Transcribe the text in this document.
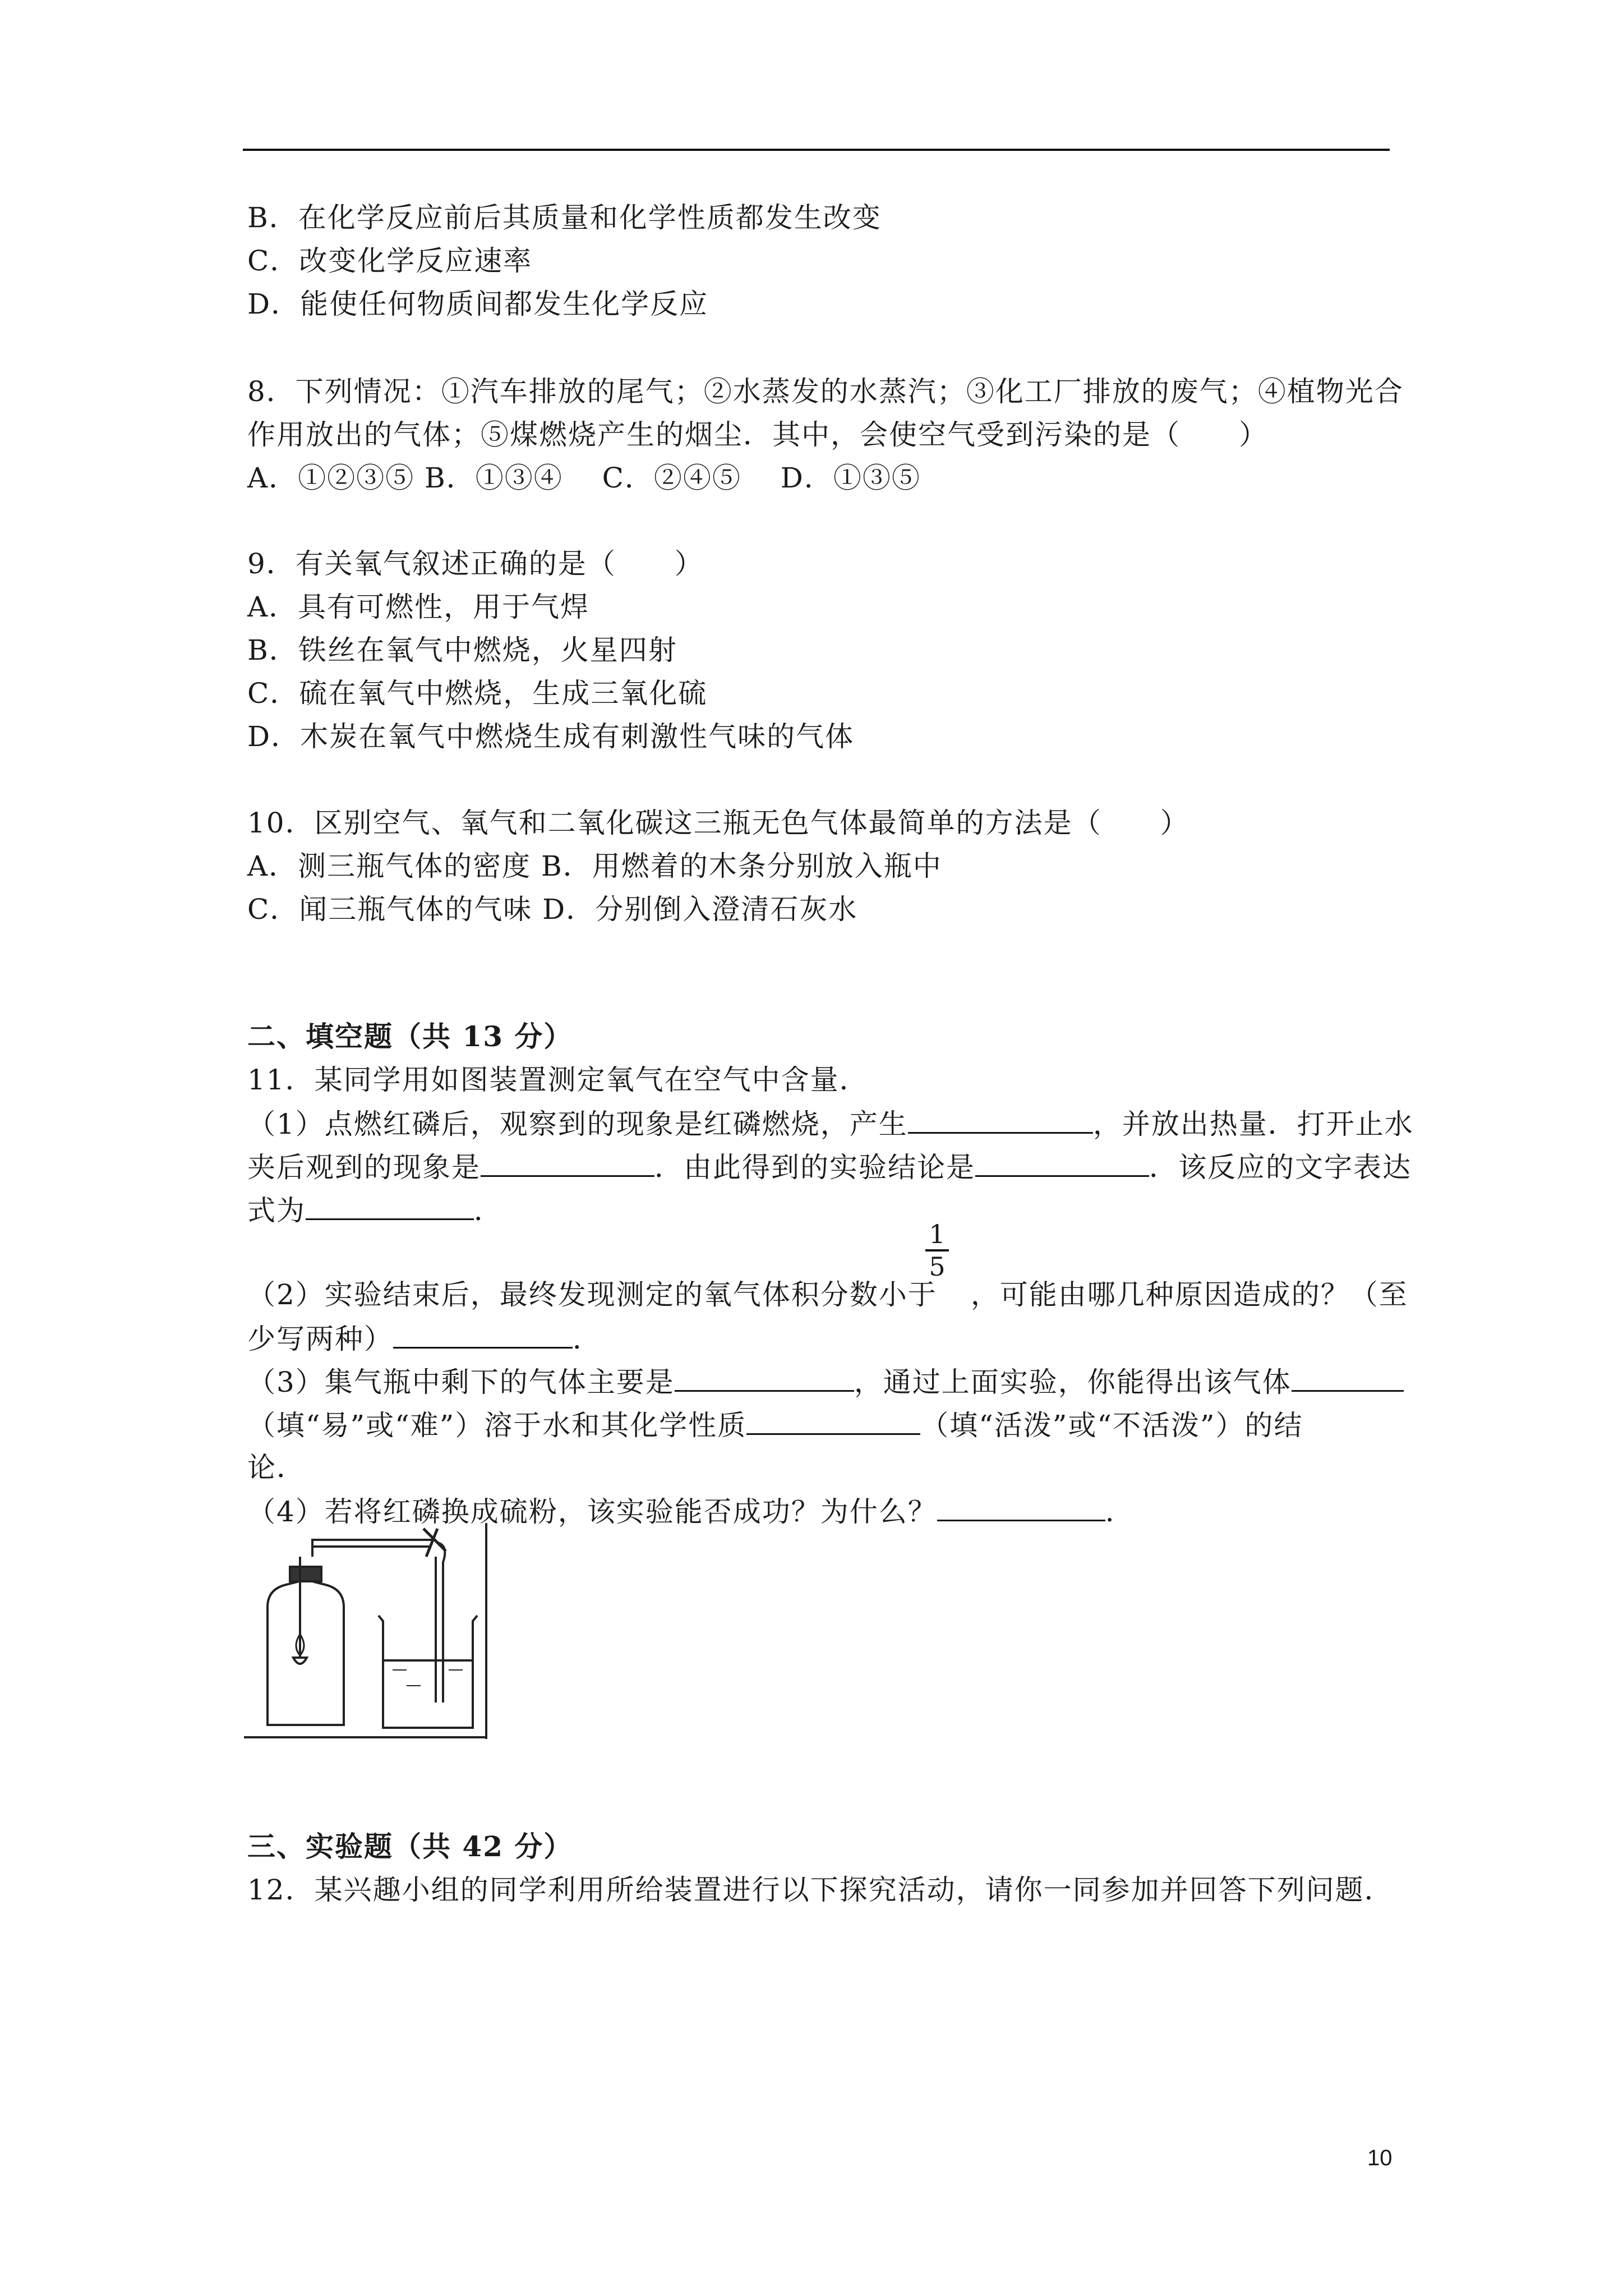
B．在化学反应前后其质量和化学性质都发生改变
C．改变化学反应速率
D．能使任何物质间都发生化学反应
8．下列情况：①汽车排放的尾气；②水蒸发的水蒸汽；③化工厂排放的废气；④植物光合
作用放出的气体；⑤煤燃烧产生的烟尘．其中，会使空气受到污染的是（　　）
A．①②③⑤ B．①③④　 C．②④⑤　 D．①③⑤
9．有关氧气叙述正确的是（　　）
A．具有可燃性，用于气焊
B．铁丝在氧气中燃烧，火星四射
C．硫在氧气中燃烧，生成三氧化硫
D．木炭在氧气中燃烧生成有刺激性气味的气体
10．区别空气、氧气和二氧化碳这三瓶无色气体最简单的方法是（　　）
A．测三瓶气体的密度 B．用燃着的木条分别放入瓶中
C．闻三瓶气体的气味 D．分别倒入澄清石灰水
二、填空题（共 13 分）
11．某同学用如图装置测定氧气在空气中含量．
（1）点燃红磷后，观察到的现象是红磷燃烧，产生	，并放出热量．打开止水
夹后观到的现象是	．由此得到的实验结论是	．该反应的文字表达
式为	．
（2）实验结束后，最终发现测定的氧气体积分数小于 ，可能由哪几种原因造成的？（至
1
5
少写两种）	．
（3）集气瓶中剩下的气体主要是	，通过上面实验，你能得出该气体
（填“易”或“难”）溶于水和其化学性质	（填“活泼”或“不活泼”）的结
论．
（4）若将红磷换成硫粉，该实验能否成功？为什么？	．
三、实验题（共 42 分）
12．某兴趣小组的同学利用所给装置进行以下探究活动，请你一同参加并回答下列问题．
10
